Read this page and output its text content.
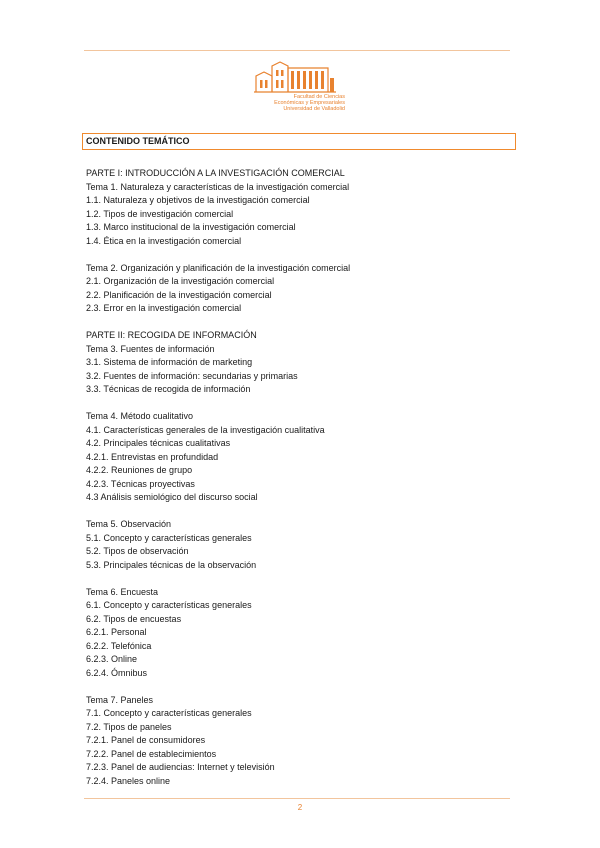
Facultad de Ciencias
Económicas y Empresariales
Universidad de Valladolid
CONTENIDO TEMÁTICO
PARTE I: INTRODUCCIÓN A LA INVESTIGACIÓN COMERCIAL
Tema 1. Naturaleza y características de la investigación comercial
1.1. Naturaleza y objetivos de la investigación comercial
1.2. Tipos de investigación comercial
1.3. Marco institucional de la investigación comercial
1.4. Ética en la investigación comercial
Tema 2. Organización y planificación de la investigación comercial
2.1. Organización de la investigación comercial
2.2. Planificación de la investigación comercial
2.3. Error en la investigación comercial
PARTE II: RECOGIDA DE INFORMACIÓN
Tema 3. Fuentes de información
3.1. Sistema de información de marketing
3.2. Fuentes de información: secundarias y primarias
3.3. Técnicas de recogida de información
Tema 4. Método cualitativo
4.1. Características generales de la investigación cualitativa
4.2. Principales técnicas cualitativas
4.2.1. Entrevistas en profundidad
4.2.2. Reuniones de grupo
4.2.3. Técnicas proyectivas
4.3 Análisis semiológico del discurso social
Tema 5. Observación
5.1. Concepto y características generales
5.2. Tipos de observación
5.3. Principales técnicas de la observación
Tema 6. Encuesta
6.1. Concepto y características generales
6.2. Tipos de encuestas
6.2.1. Personal
6.2.2. Telefónica
6.2.3. Online
6.2.4. Ómnibus
Tema 7. Paneles
7.1. Concepto y características generales
7.2. Tipos de paneles
7.2.1. Panel de consumidores
7.2.2. Panel de establecimientos
7.2.3. Panel de audiencias: Internet y televisión
7.2.4. Paneles online
2
